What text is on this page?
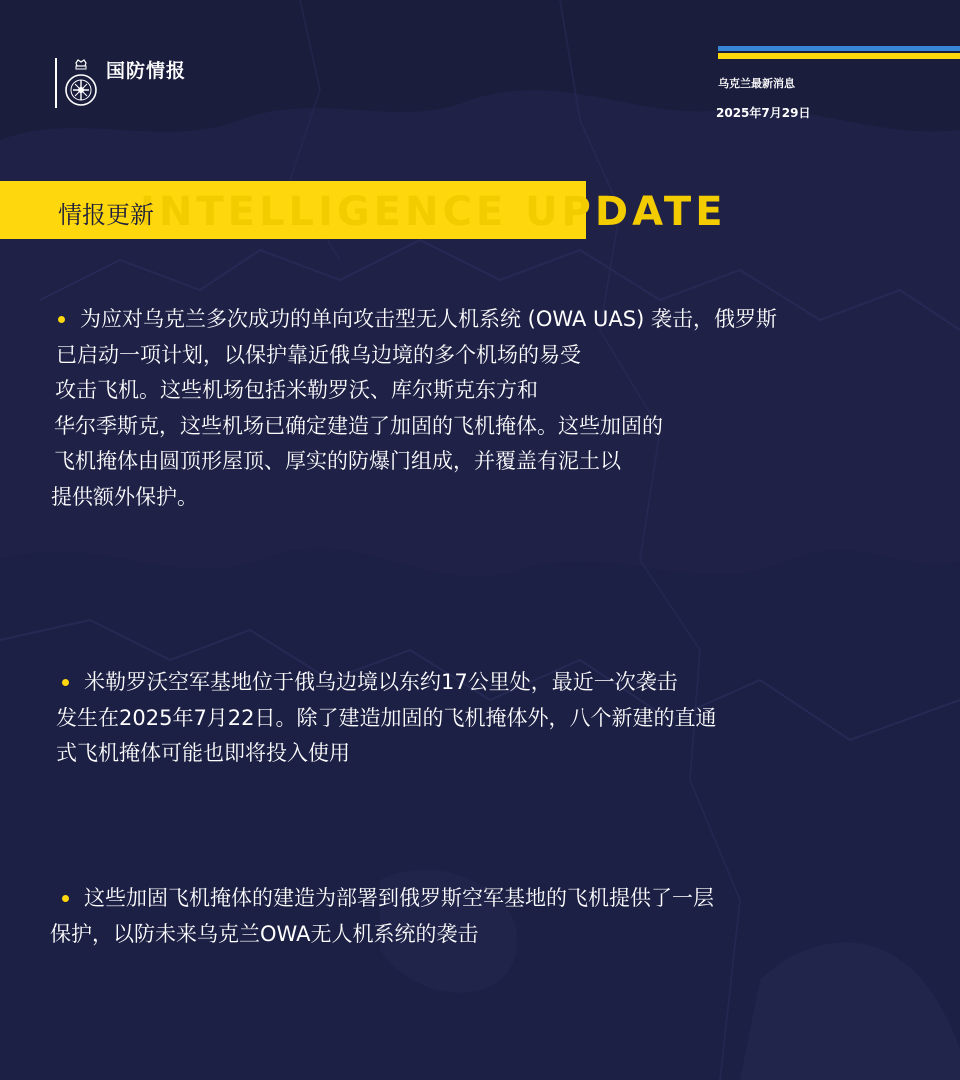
国防情报
乌克兰最新消息
2025年7月29日
INTELLIGENCE UPDATE
情报更新
为应对乌克兰多次成功的单向攻击型无人机系统 (OWA UAS) 袭击，俄罗斯
已启动一项计划，以保护靠近俄乌边境的多个机场的易受
攻击飞机。这些机场包括米勒罗沃、库尔斯克东方和
华尔季斯克，这些机场已确定建造了加固的飞机掩体。这些加固的
飞机掩体由圆顶形屋顶、厚实的防爆门组成，并覆盖有泥土以
提供额外保护。
米勒罗沃空军基地位于俄乌边境以东约17公里处，最近一次袭击
发生在2025年7月22日。除了建造加固的飞机掩体外，八个新建的直通
式飞机掩体可能也即将投入使用
这些加固飞机掩体的建造为部署到俄罗斯空军基地的飞机提供了一层
保护，以防未来乌克兰OWA无人机系统的袭击
